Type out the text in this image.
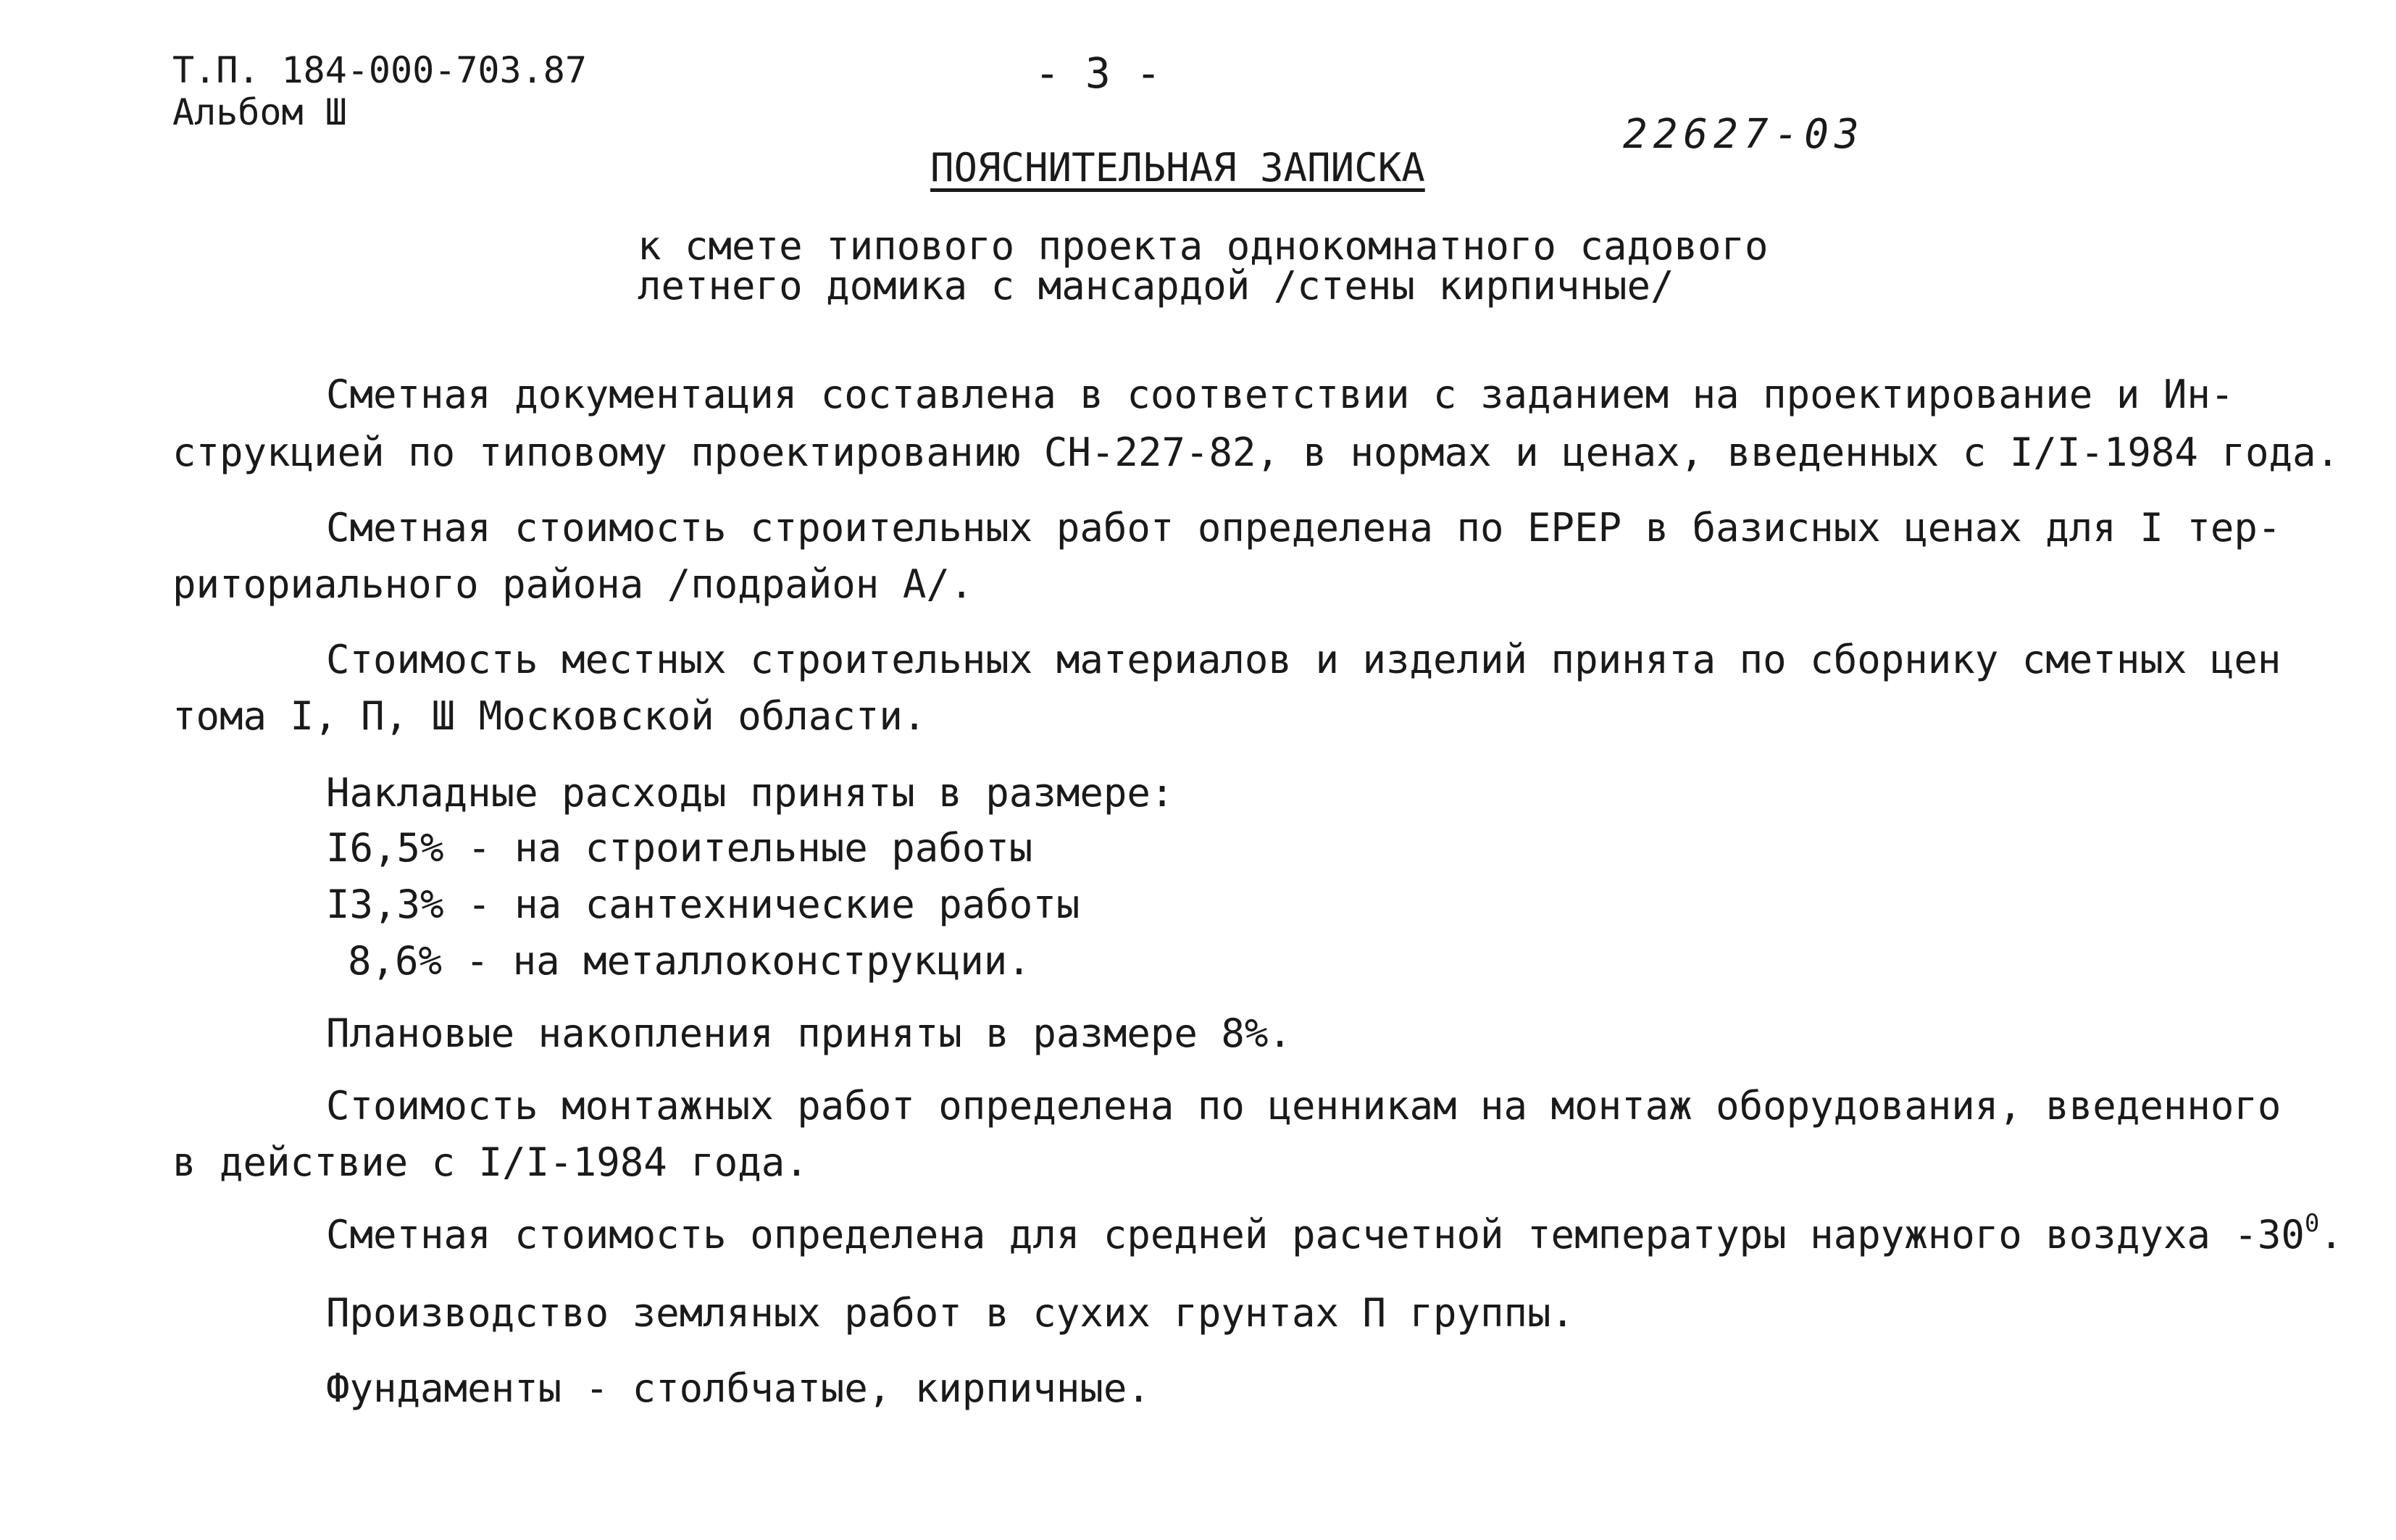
Т.П. 184-000-703.87
Альбом Ш
- 3 -
22627-03
ПОЯСНИТЕЛЬНАЯ ЗАПИСКА
к смете типового проекта однокомнатного садового
летнего домика с мансардой /стены кирпичные/
Сметная документация составлена в соответствии с заданием на проектирование и Ин-
струкцией по типовому проектированию СН-227-82, в нормах и ценах, введенных с I/I-1984 года.
Сметная стоимость строительных работ определена по ЕРЕР в базисных ценах для I тер-
риториального района /подрайон А/.
Стоимость местных строительных материалов и изделий принята по сборнику сметных цен
тома I, П, Ш Московской области.
Накладные расходы приняты в размере:
I6,5% - на строительные работы
I3,3% - на сантехнические работы
8,6% - на металлоконструкции.
Плановые накопления приняты в размере 8%.
Стоимость монтажных работ определена по ценникам на монтаж оборудования, введенного
в действие с I/I-1984 года.
Сметная стоимость определена для средней расчетной температуры наружного воздуха $-30^0$.
Производство земляных работ в сухих грунтах П группы.
Фундаменты - столбчатые, кирпичные.
